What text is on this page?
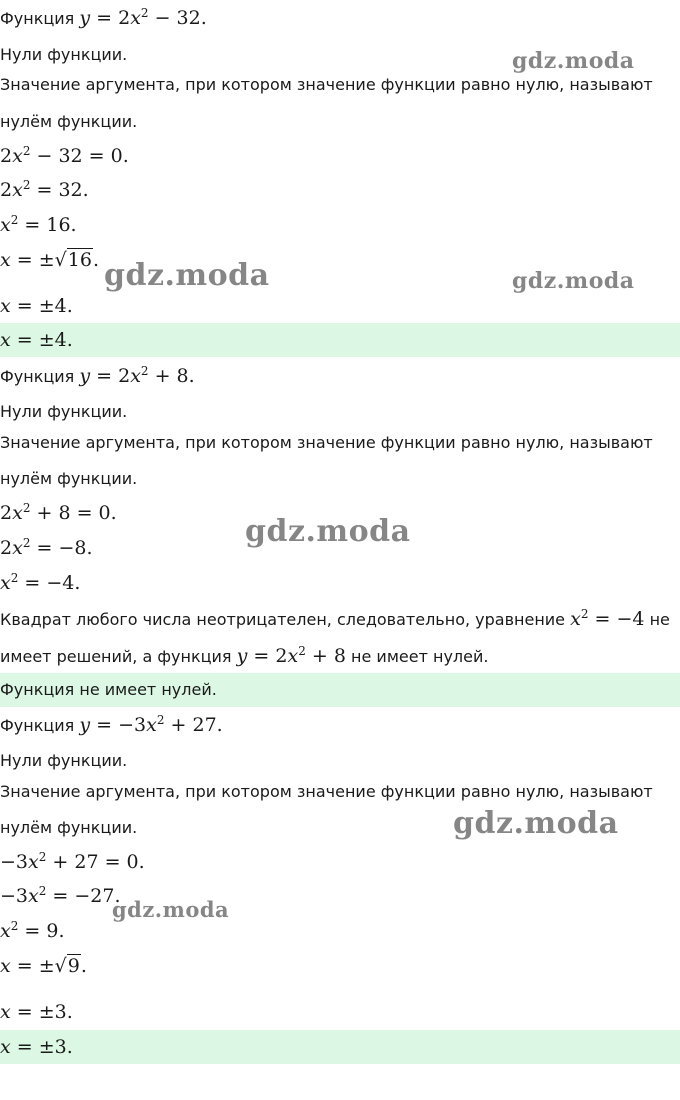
Функция $y = 2x^2 - 32$.
Нули функции.
Значение аргумента, при котором значение функции равно нулю, называют
нулём функции.
$2x^2 - 32 = 0$.
$2x^2 = 32$.
$x^2 = 16$.
x = ±√16.
x = ±4.
x = ±4.
Функция $y = 2x^2 + 8$.
Нули функции.
Значение аргумента, при котором значение функции равно нулю, называют
нулём функции.
$2x^2 + 8 = 0$.
$2x^2 = -8$.
$x^2 = -4$.
Квадрат любого числа неотрицателен, следовательно, уравнение $x^2 = -4$ не
имеет решений, а функция $y = 2x^2 + 8$ не имеет нулей.
Функция не имеет нулей.
Функция $y = -3x^2 + 27$.
Нули функции.
Значение аргумента, при котором значение функции равно нулю, называют
нулём функции.
$-3x^2 + 27 = 0$.
$-3x^2 = -27$.
$x^2 = 9$.
x = ±√9.
x = ±3.
x = ±3.
gdz.moda
gdz.moda	gdz.moda
gdz.moda
gdz.moda
gdz.moda
